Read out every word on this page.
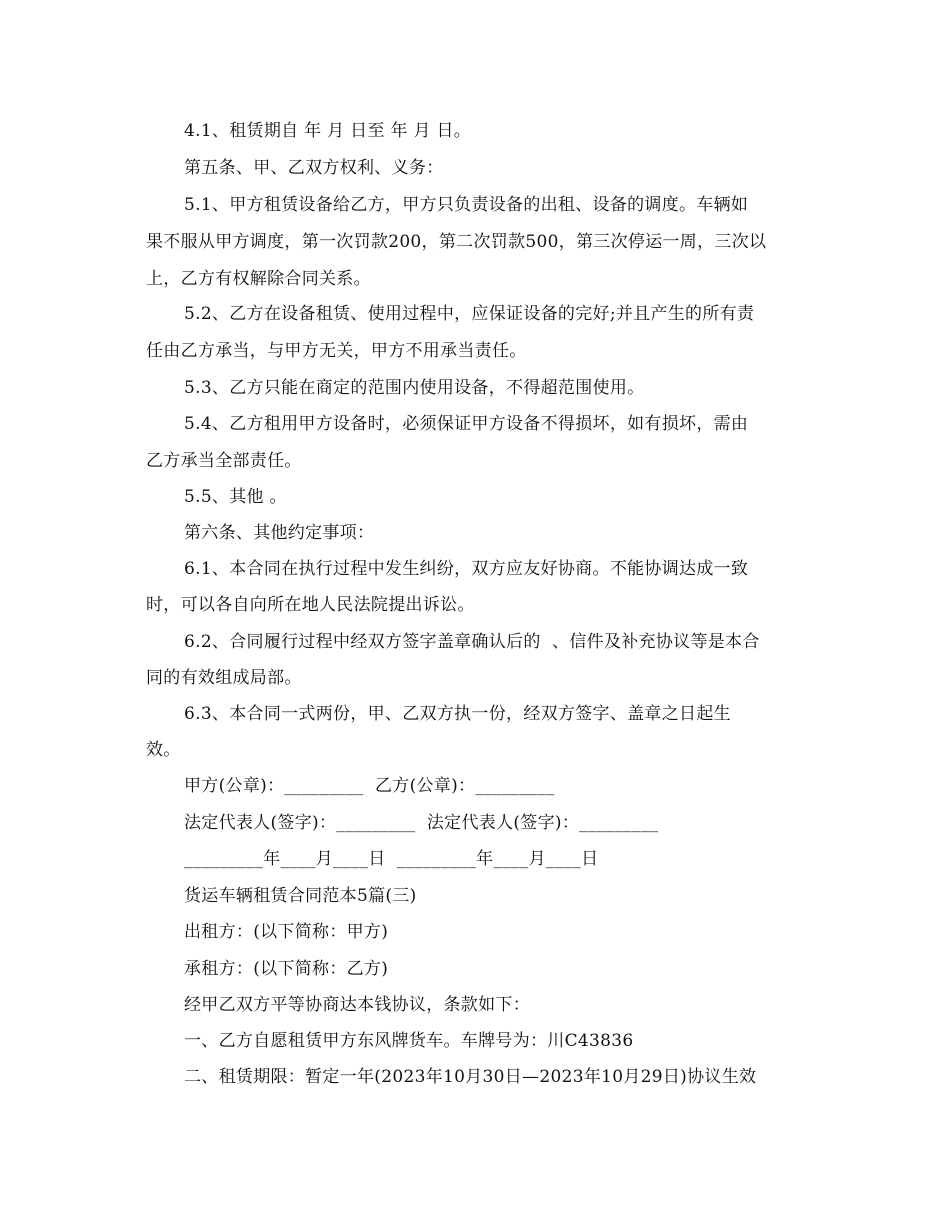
4.1、租赁期自 年 月 日至 年 月 日。
第五条、甲、乙双方权利、义务：
5.1、甲方租赁设备给乙方，甲方只负责设备的出租、设备的调度。车辆如
果不服从甲方调度，第一次罚款200，第二次罚款500，第三次停运一周，三次以
上，乙方有权解除合同关系。
5.2、乙方在设备租赁、使用过程中，应保证设备的完好;并且产生的所有责
任由乙方承当，与甲方无关，甲方不用承当责任。
5.3、乙方只能在商定的范围内使用设备，不得超范围使用。
5.4、乙方租用甲方设备时，必须保证甲方设备不得损坏，如有损坏，需由
乙方承当全部责任。
5.5、其他 。
第六条、其他约定事项：
6.1、本合同在执行过程中发生纠纷，双方应友好协商。不能协调达成一致
时，可以各自向所在地人民法院提出诉讼。
6.2、合同履行过程中经双方签字盖章确认后的  、信件及补充协议等是本合
同的有效组成局部。
6.3、本合同一式两份，甲、乙双方执一份，经双方签字、盖章之日起生
效。
甲方(公章)：_________  乙方(公章)：_________
法定代表人(签字)：_________  法定代表人(签字)：_________
_________年____月____日  _________年____月____日
货运车辆租赁合同范本5篇(三)
出租方：(以下简称：甲方)
承租方：(以下简称：乙方)
经甲乙双方平等协商达本钱协议，条款如下：
一、乙方自愿租赁甲方东风牌货车。车牌号为：川C43836
二、租赁期限：暂定一年(2023年10月30日—2023年10月29日)协议生效
